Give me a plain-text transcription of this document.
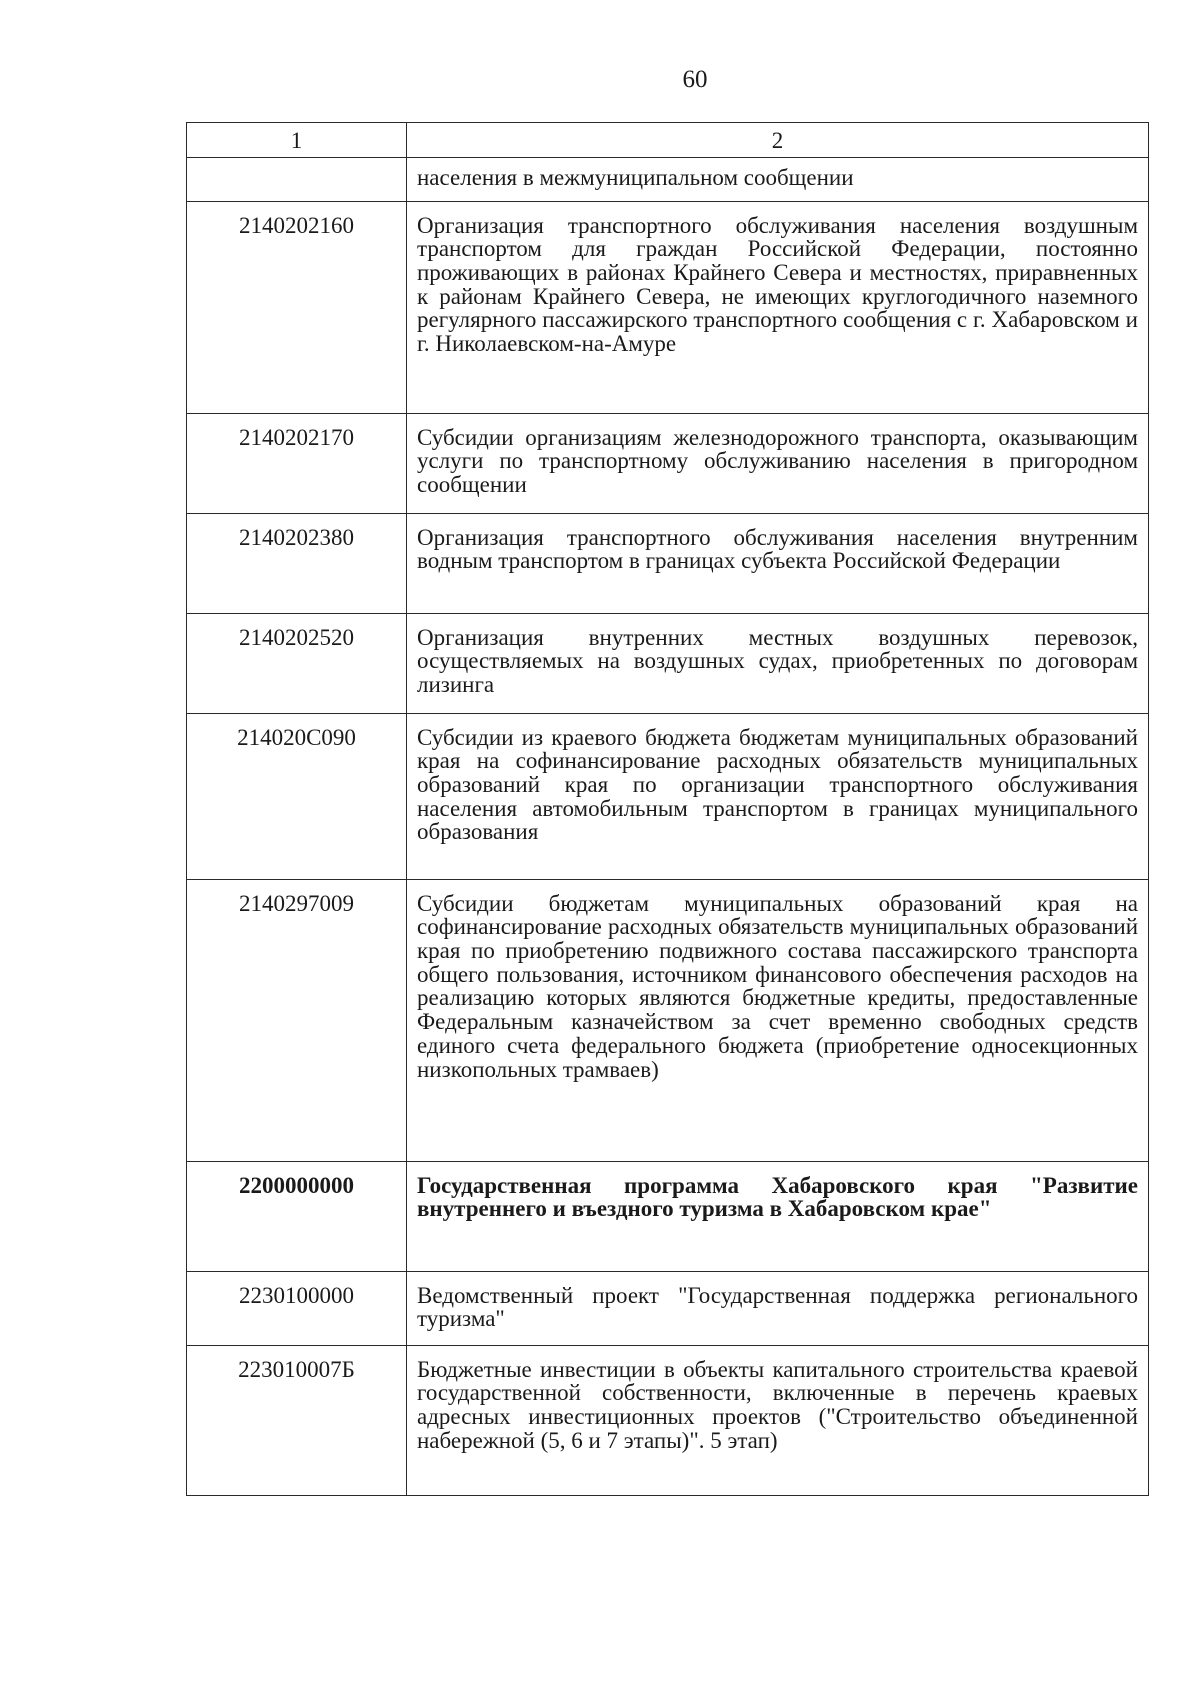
60
1	2
	населения в межмуниципальном сообщении
2140202160	Организация транспортного обслуживания населения воздушным транспортом для граждан Российской Федерации, постоянно проживающих в районах Крайнего Севера и местностях, приравненных к районам Крайнего Севера, не имеющих круглогодичного наземного регулярного пассажирского транспортного сообщения с г. Хабаровском и г. Николаевском-на-Амуре
2140202170	Субсидии организациям железнодорожного транспорта, оказывающим услуги по транспортному обслуживанию населения в пригородном сообщении
2140202380	Организация транспортного обслуживания населения внутренним водным транспортом в границах субъекта Российской Федерации
2140202520	Организация внутренних местных воздушных перевозок, осуществляемых на воздушных судах, приобретенных по договорам лизинга
214020C090	Субсидии из краевого бюджета бюджетам муниципальных образований края на софинансирование расходных обязательств муниципальных образований края по организации транспортного обслуживания населения автомобильным транспортом в границах муниципального образования
2140297009	Субсидии бюджетам муниципальных образований края на софинансирование расходных обязательств муниципальных образований края по приобретению подвижного состава пассажирского транспорта общего пользования, источником финансового обеспечения расходов на реализацию которых являются бюджетные кредиты, предоставленные Федеральным казначейством за счет временно свободных средств единого счета федерального бюджета (приобретение односекционных низкопольных трамваев)
2200000000	Государственная программа Хабаровского края "Развитие внутреннего и въездного туризма в Хабаровском крае"
2230100000	Ведомственный проект "Государственная поддержка регионального туризма"
223010007Б	Бюджетные инвестиции в объекты капитального строительства краевой государственной собственности, включенные в перечень краевых адресных инвестиционных проектов ("Строительство объединенной набережной (5, 6 и 7 этапы)". 5 этап)
